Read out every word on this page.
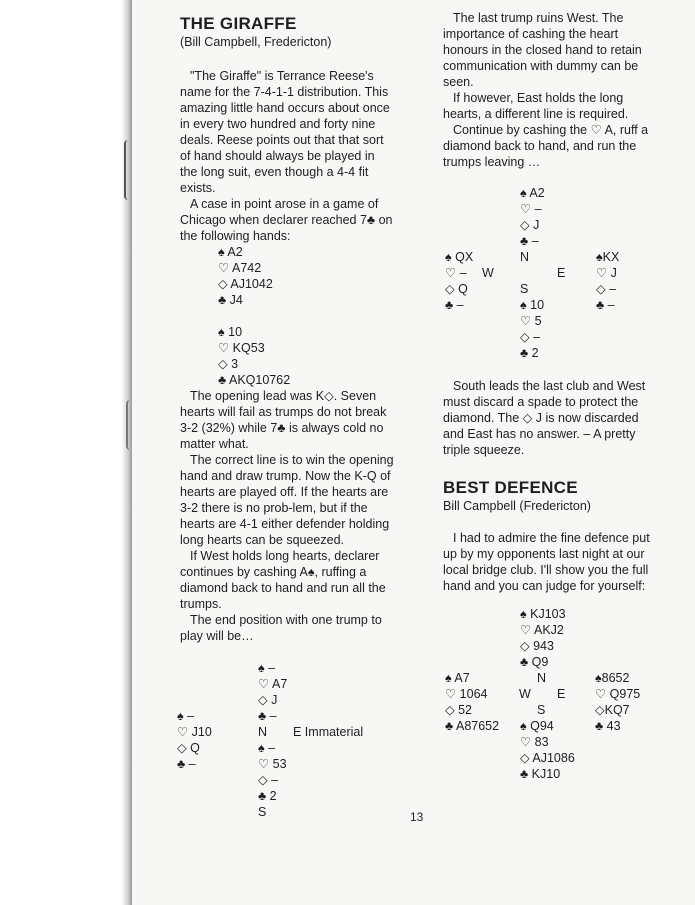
THE GIRAFFE

(Bill Campbell, Fredericton)

"The Giraffe" is Terrance Reese's name for the 7-4-1-1 distribution. This amazing little hand occurs about once in every two hundred and forty nine deals. Reese points out that that sort of hand should always be played in the long suit, even though a 4-4 fit exists.

A case in point arose in a game of Chicago when declarer reached 7♣ on the following hands:

♠ A2

♡ A742

◇ AJ1042

♣ J4

♠ 10

♡ KQ53

◇ 3

♣ AKQ10762

The opening lead was K◇. Seven hearts will fail as trumps do not break 3-2 (32%) while 7♣ is always cold no matter what.

The correct line is to win the opening hand and draw trump. Now the K-Q of hearts are played off. If the hearts are 3-2 there is no prob-lem, but if the hearts are 4-1 either defender holding long hearts can be squeezed.

If West holds long hearts, declarer continues by cashing A♠, ruffing a diamond back to hand and run all the trumps.

The end position with one trump to play will be…

♠ –
♡ A7
◇ J
♣ –
♠ –
♡ J10
◇ Q
♣ –
N E Immaterial
♠ –
♡ 53
◇ –
♣ 2
S

The last trump ruins West. The importance of cashing the heart honours in the closed hand to retain communication with dummy can be seen.

If however, East holds the long hearts, a different line is required.

Continue by cashing the ♡ A, ruff a diamond back to hand, and run the trumps leaving …

♠ A2
♡ –
◇ J
♣ –
♠ QX
♡ –
◇ Q
♣ –
♠KX
♡ J
◇ –
♣ –
N
W	E
S
♠ 10
♡ 5
◇ –
♣ 2

South leads the last club and West must discard a spade to protect the diamond. The ◇ J is now discarded and East has no answer. – A pretty triple squeeze.

BEST DEFENCE

Bill Campbell (Fredericton)

I had to admire the fine defence put up by my opponents last night at our local bridge club. I'll show you the full hand and you can judge for yourself:

♠ KJ103
♡ AKJ2
◇ 943
♣ Q9
♠ A7
♡ 1064
◇ 52
♣ A87652
♠8652
♡ Q975
◇KQ7
♣ 43
N
W E
S
♠ Q94
♡ 83
◇ AJ1086
♣ KJ10
13
